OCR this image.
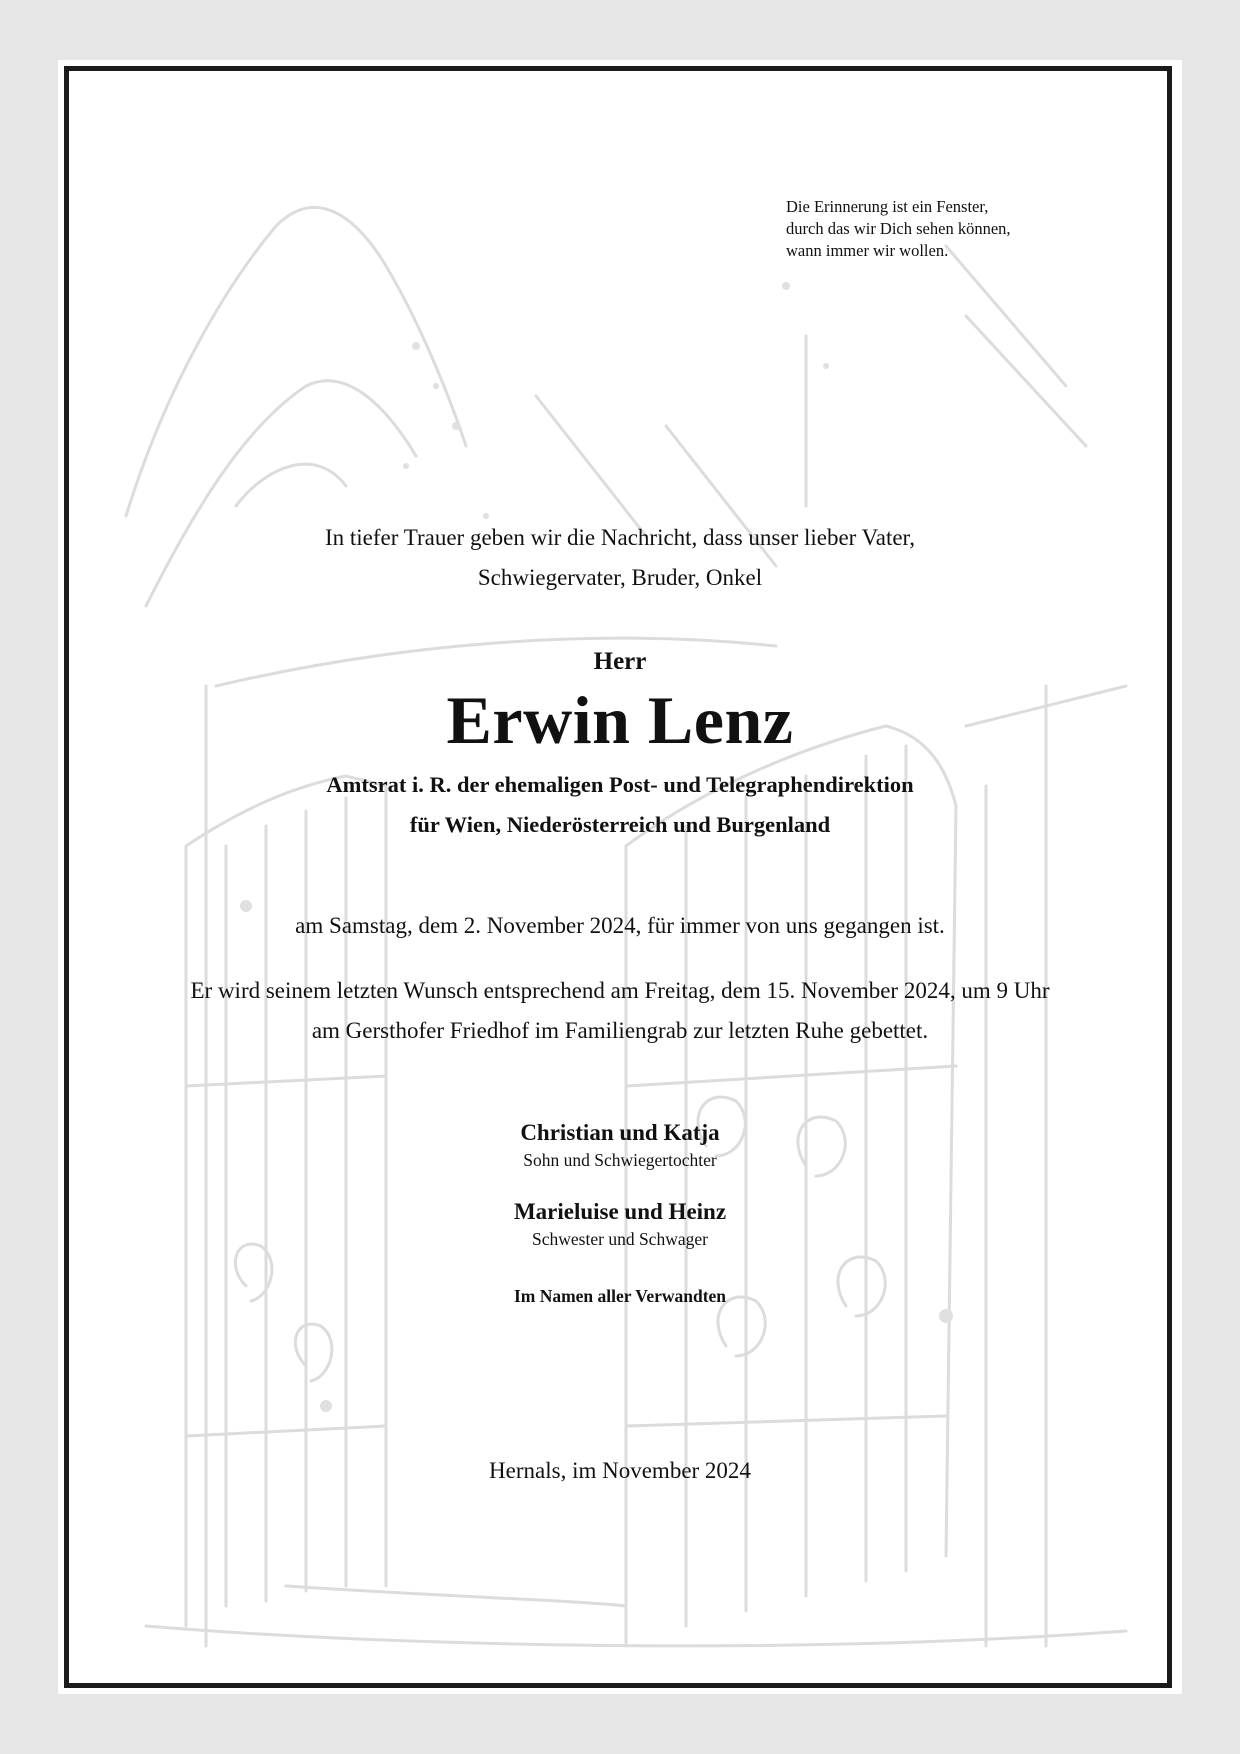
Die Erinnerung ist ein Fenster,
durch das wir Dich sehen können,
wann immer wir wollen.
In tiefer Trauer geben wir die Nachricht, dass unser lieber Vater,
Schwiegervater, Bruder, Onkel
Herr
Erwin Lenz
Amtsrat i. R. der ehemaligen Post- und Telegraphendirektion
für Wien, Niederösterreich und Burgenland
am Samstag, dem 2. November 2024, für immer von uns gegangen ist.
Er wird seinem letzten Wunsch entsprechend am Freitag, dem 15. November 2024, um 9 Uhr
am Gersthofer Friedhof im Familiengrab zur letzten Ruhe gebettet.
Christian und Katja
Sohn und Schwiegertochter
Marieluise und Heinz
Schwester und Schwager
Im Namen aller Verwandten
Hernals, im November 2024
